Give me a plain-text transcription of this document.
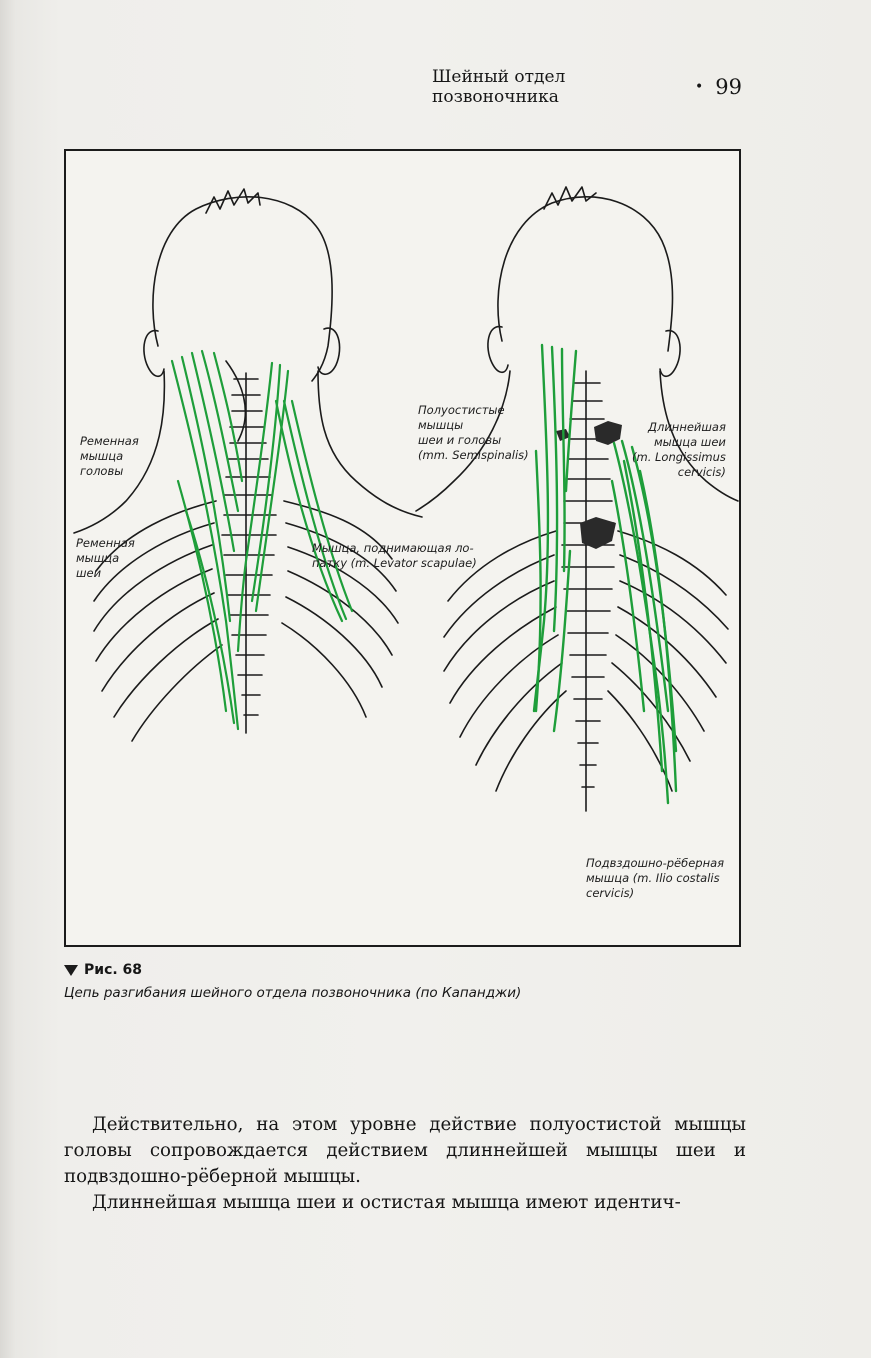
Шейный отдел позвоночника	• 99
Ременная
мышца
головы
Ременная
мышца
шеи
Мышца, поднимающая ло-
патку (m. Levator scapulae)
Полуостистые
мышцы
шеи и головы
(mm. Semispinalis)
Длиннейшая
мышца шеи
(m. Longissimus
cervicis)
Подвздошно-рёберная
мышца (m. Ilio costalis
cervicis)
Рис. 68
Цепь разгибания шейного отдела позвоночника (по Капанджи)

Действительно, на этом уровне действие полуостистой мышцы головы сопровождается действием длиннейшей мышцы шеи и подвздошно-рёберной мышцы.

Длиннейшая мышца шеи и остистая мышца имеют идентич-
